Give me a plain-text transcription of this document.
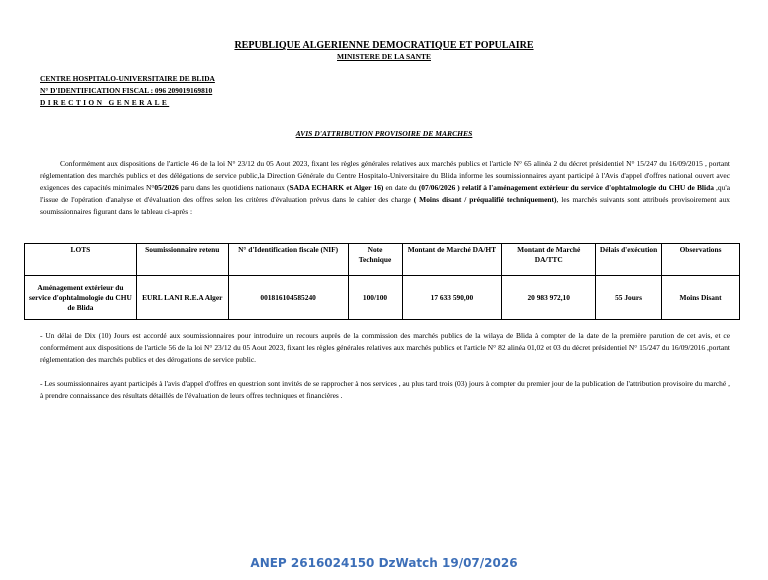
REPUBLIQUE ALGERIENNE DEMOCRATIQUE ET POPULAIRE
MINISTERE DE LA SANTE
CENTRE HOSPITALO-UNIVERSITAIRE DE BLIDA
N° D'IDENTIFICATION FISCAL : 096 209019169810
DIRECTION GENERALE
AVIS D'ATTRIBUTION PROVISOIRE DE MARCHES
Conformément aux dispositions de l'article 46 de la loi N° 23/12 du 05 Aout 2023, fixant les règles générales relatives aux marchés publics et l'article N° 65 alinéa 2 du décret présidentiel N° 15/247 du 16/09/2015 , portant réglementation des marchés publics et des délégations de service public,la Direction Générale du Centre Hospitalo-Universitaire du Blida informe les soumissionnaires ayant participé à l'Avis d'appel d'offres national ouvert avec exigences des capacités minimales N°05/2026 paru dans les quotidiens nationaux (SADA ECHARK et Alger 16) en date du (07/06/2026 ) relatif à l'aménagement extérieur du service d'ophtalmologie du CHU de Blida ,qu'a l'issue de l'opération d'analyse et d'évaluation des offres selon les critères d'évaluation prévus dans le cahier des charge ( Moins disant / préqualifié techniquement), les marchés suivants sont attribués provisoirement aux soumissionnaires figurant dans le tableau ci-après :
LOTS	Soumissionnaire retenu	N° d'Identification fiscale (NIF)	Note Technique	Montant de Marché DA/HT	Montant de Marché DA/TTC	Délais d'exécution	Observations
Aménagement extérieur du service d'ophtalmologie du CHU de Blida	EURL LANI R.E.A Alger	001816104585240	100/100	17 633 590,00	20 983 972,10	55 Jours	Moins Disant
- Un délai de Dix (10) Jours est accordé aux soumissionnaires pour introduire un recours auprès de la commission des marchés publics de la wilaya de Blida à compter de la date de la première parution de cet avis, et ce conformément aux dispositions de l'article 56 de la loi N° 23/12 du 05 Aout 2023, fixant les règles générales relatives aux marchés publics et l'article N° 82 alinéa 01,02 et 03 du décret présidentiel N° 15/247 du 16/09/2016 ,portant réglementation des marchés publics et des dérogations de service public.
- Les soumissionnaires ayant participés à l'avis d'appel d'offres en questrion sont invités de se rapprocher à nos services , au plus tard trois (03) jours à compter du premier jour de la publication de l'attribution provisoire du marché , à prendre connaissance des résultats détaillés de l'évaluation de leurs offres techniques et financières .
ANEP 2616024150 DzWatch 19/07/2026
